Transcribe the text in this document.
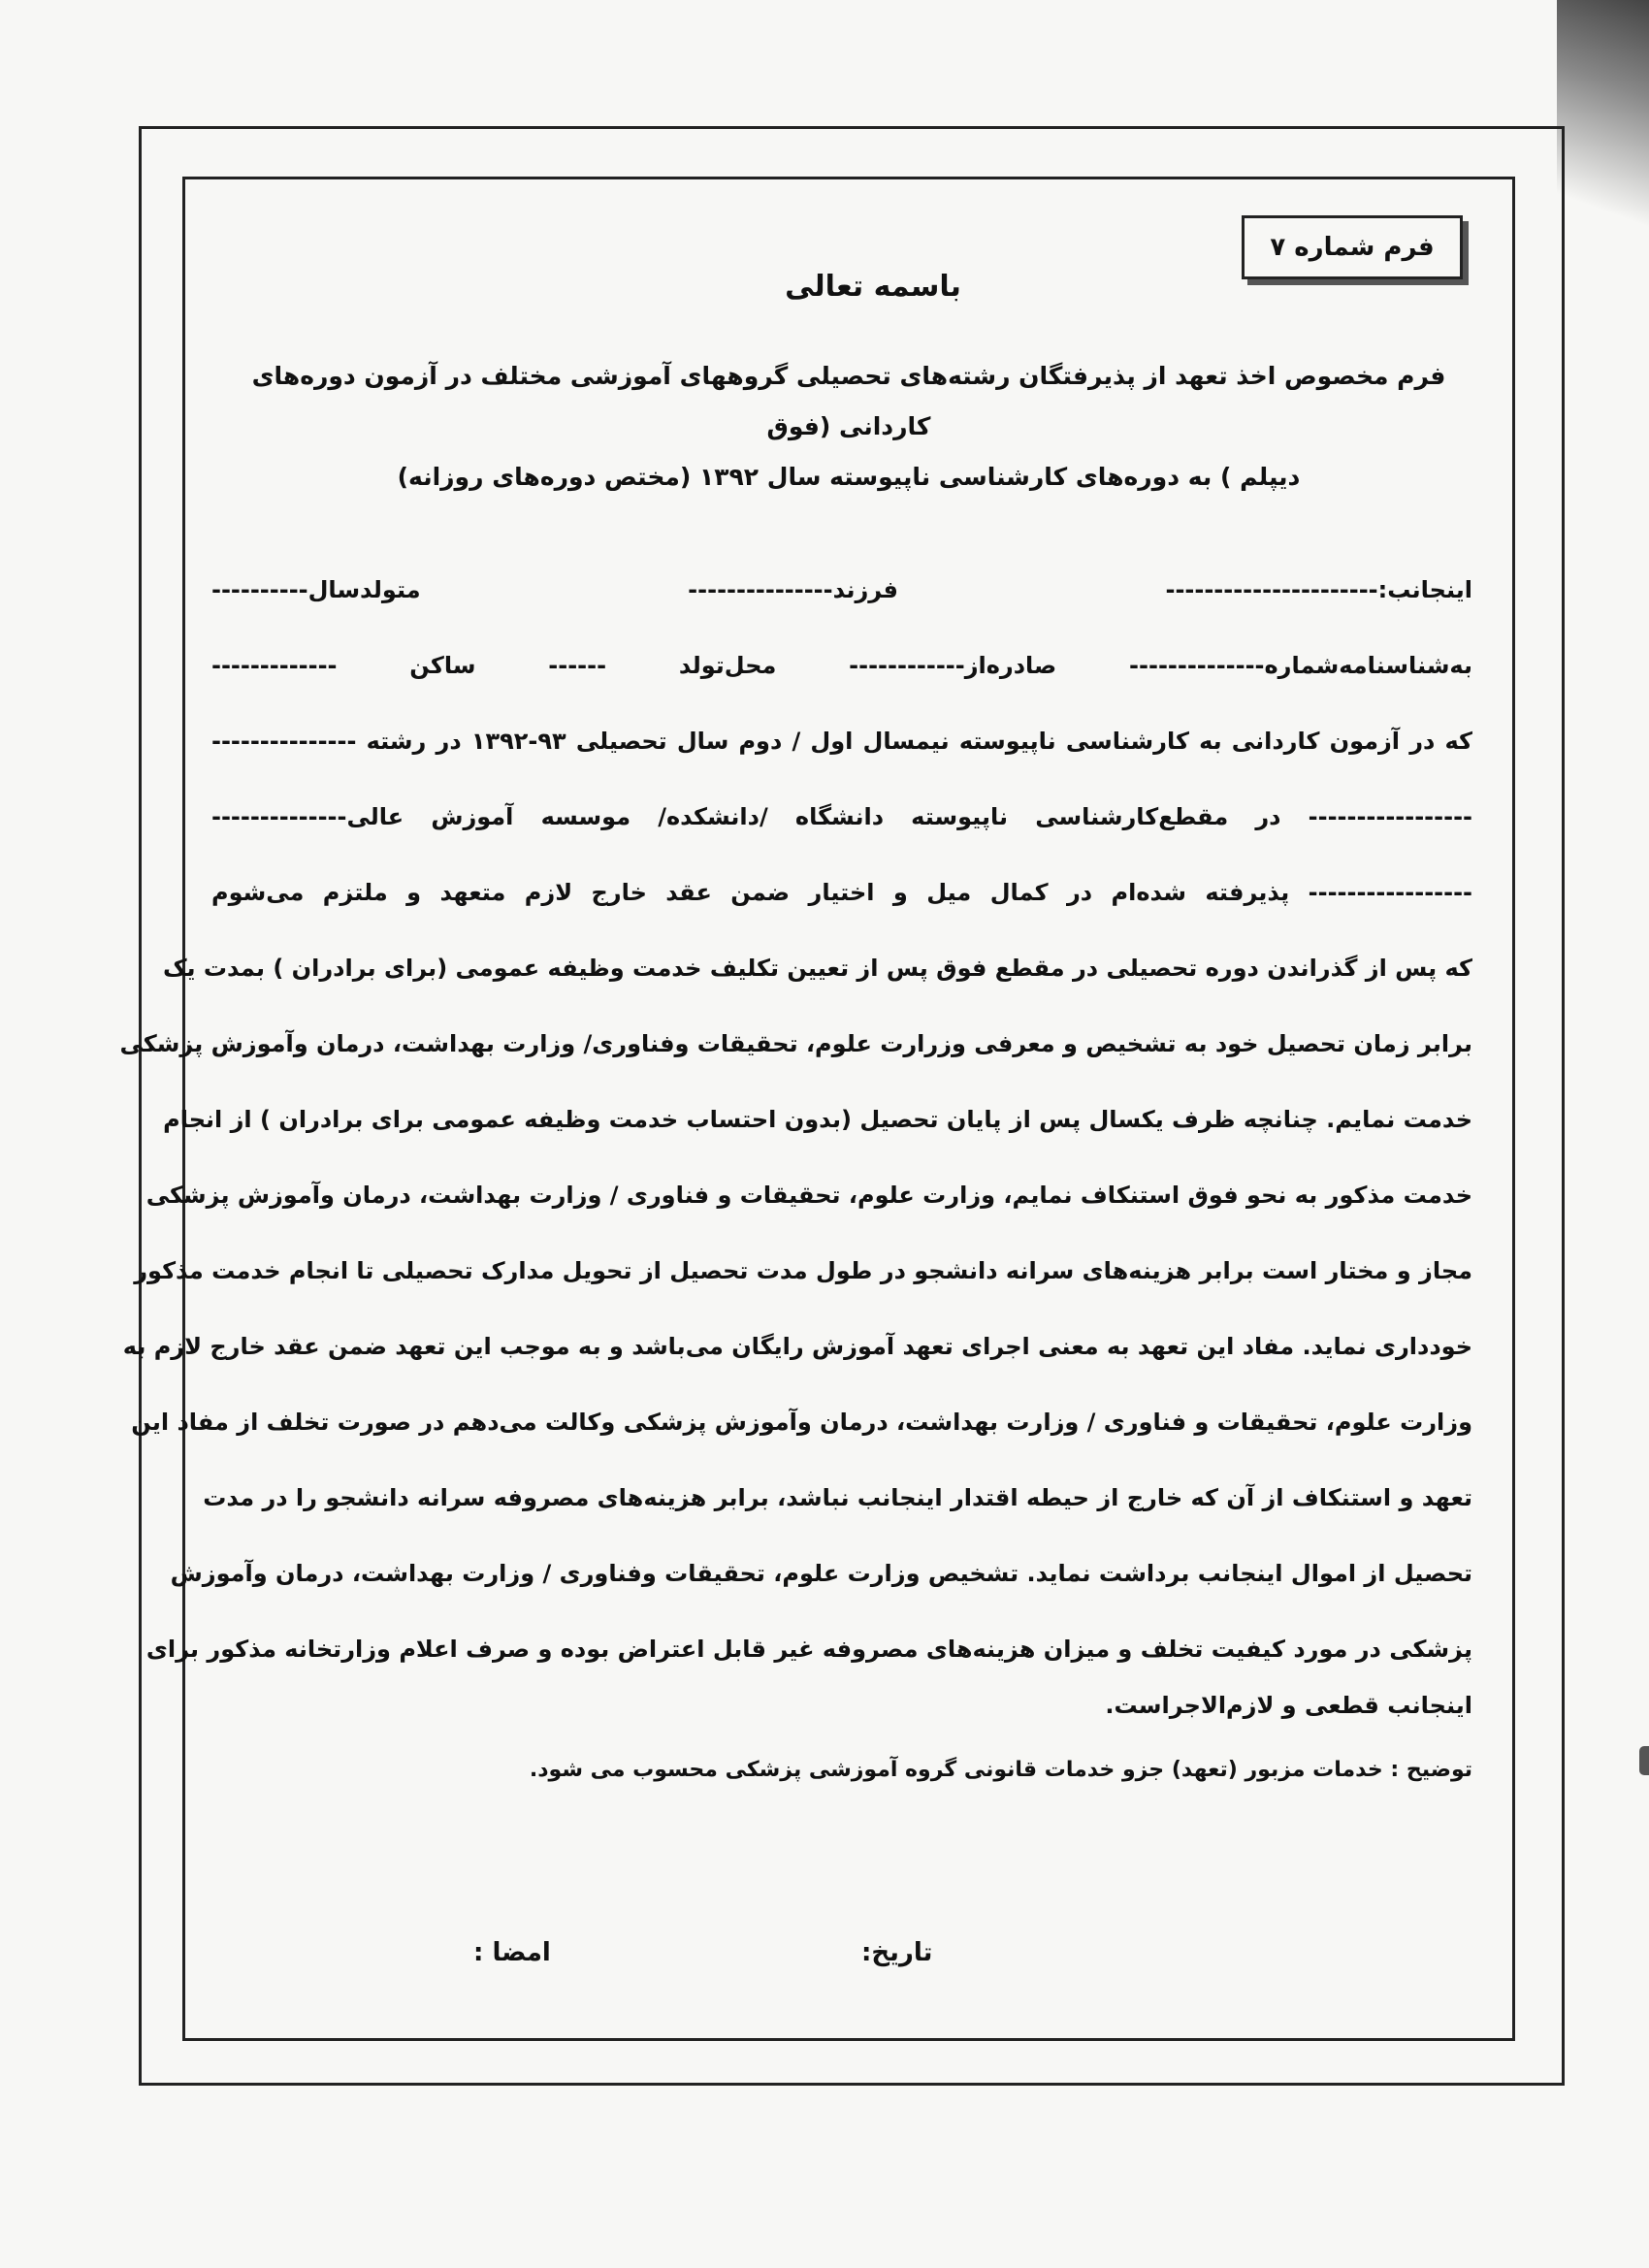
فرم شماره ۷
باسمه تعالی
فرم مخصوص اخذ تعهد از پذیرفتگان رشته‌های تحصیلی گروههای آموزشی مختلف در آزمون دوره‌های کاردانی (فوق
دیپلم ) به دوره‌های کارشناسی ناپیوسته سال ۱۳۹۲ (مختص دوره‌های روزانه)
اینجانب:---------------------- فرزند--------------- متولدسال----------
به‌شناسنامه‌شماره-------------- صادره‌از------------ محل‌تولد ------ ساکن -------------
که در آزمون کاردانی به کارشناسی ناپیوسته نیمسال اول / دوم سال تحصیلی ۹۳-۱۳۹۲ در رشته ---------------
----------------- در مقطع‌کارشناسی ناپیوسته دانشگاه /دانشکده/ موسسه آموزش عالی--------------
----------------- پذیرفته شده‌ام در کمال میل و اختیار ضمن عقد خارج لازم متعهد و ملتزم می‌شوم
که پس از گذراندن دوره تحصیلی در مقطع فوق پس از تعیین تکلیف خدمت وظیفه عمومی (برای برادران ) بمدت یک
برابر زمان تحصیل خود به تشخیص و معرفی وزرارت علوم، تحقیقات وفناوری/ وزارت بهداشت، درمان وآموزش پزشکی
خدمت نمایم. چنانچه ظرف یکسال پس از پایان تحصیل (بدون احتساب خدمت وظیفه عمومی برای برادران ) از انجام
خدمت مذکور به نحو فوق استنکاف نمایم، وزارت علوم، تحقیقات و فناوری / وزارت بهداشت، درمان وآموزش پزشکی
مجاز و مختار است برابر هزینه‌های سرانه دانشجو در طول مدت تحصیل از تحویل مدارک تحصیلی تا انجام خدمت مذکور
خودداری نماید. مفاد این تعهد به معنی اجرای تعهد آموزش رایگان می‌باشد و به موجب این تعهد ضمن عقد خارج لازم به
وزارت علوم، تحقیقات و فناوری / وزارت بهداشت، درمان وآموزش پزشکی وکالت می‌دهم در صورت تخلف از مفاد این
تعهد و استنکاف از آن که خارج از حیطه اقتدار اینجانب نباشد، برابر هزینه‌های مصروفه سرانه دانشجو را در مدت
تحصیل از اموال اینجانب برداشت نماید. تشخیص وزارت علوم، تحقیقات وفناوری / وزارت بهداشت، درمان وآموزش
پزشکی در مورد کیفیت تخلف و میزان هزینه‌های مصروفه غیر قابل اعتراض بوده و صرف اعلام وزارتخانه مذکور برای
اینجانب قطعی و لازم‌الاجراست.
توضیح : خدمات مزبور (تعهد) جزو خدمات قانونی گروه آموزشی پزشکی محسوب می شود.
تاریخ:
امضا :
